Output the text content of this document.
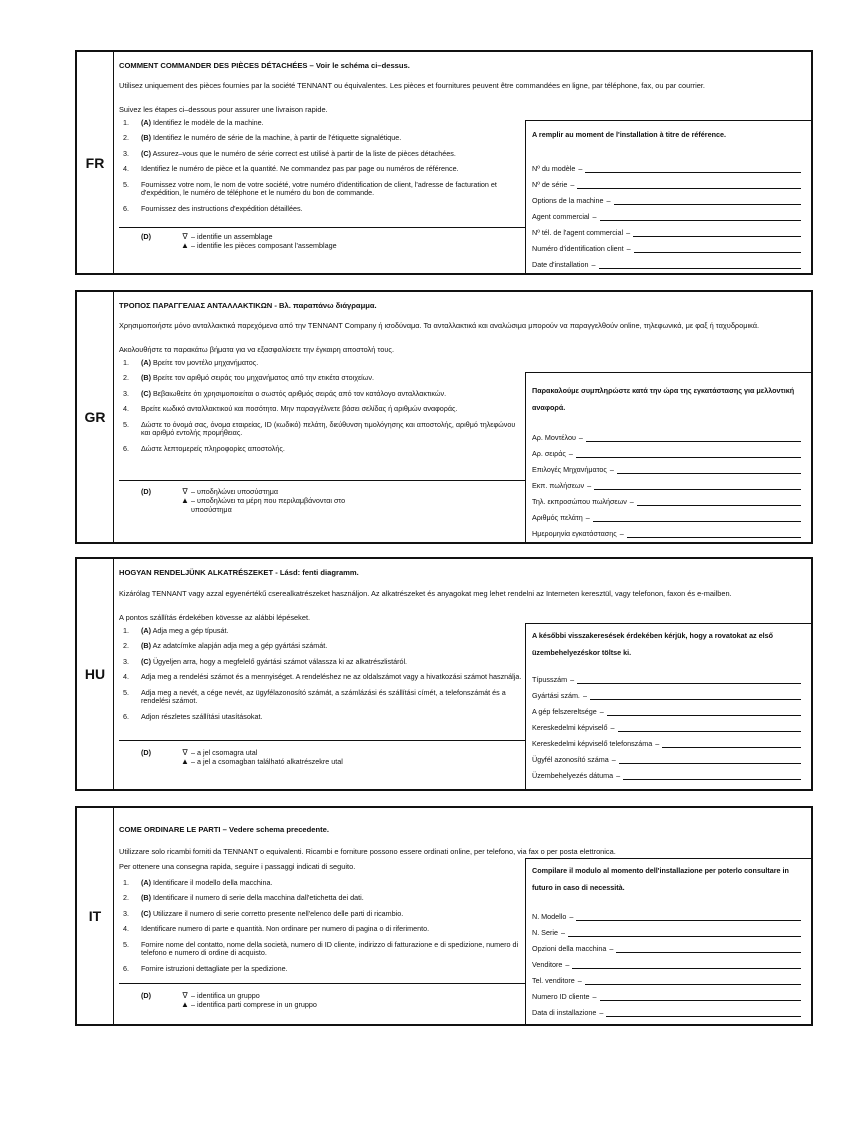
FR
COMMENT COMMANDER DES PIÈCES DÉTACHÉES – Voir le schéma ci–dessus.
Utilisez uniquement des pièces fournies par la société TENNANT ou équivalentes. Les pièces et fournitures peuvent être commandées en ligne, par téléphone, fax, ou par courrier.
Suivez les étapes ci–dessous pour assurer une livraison rapide.
1. (A) Identifiez le modèle de la machine.
2. (B) Identifiez le numéro de série de la machine, à partir de l'étiquette signalétique.
3. (C) Assurez–vous que le numéro de série correct est utilisé à partir de la liste de pièces détachées.
4. Identifiez le numéro de pièce et la quantité. Ne commandez pas par page ou numéros de référence.
5. Fournissez votre nom, le nom de votre société, votre numéro d'identification de client, l'adresse de facturation et d'expédition, le numéro de téléphone et le numéro du bon de commande.
6. Fournissez des instructions d'expédition détaillées.
(D)	∇ – identifie un assemblage
▲ – identifie les pièces composant l'assemblage
A remplir au moment de l'installation à titre de référence.
Nº du modèle –
Nº de série –
Options de la machine –
Agent commercial –
Nº tél. de l'agent commercial –
Numéro d'identification client –
Date d'installation –
GR
ΤΡΟΠΟΣ ΠΑΡΑΓΓΕΛΙΑΣ ΑΝΤΑΛΛΑΚΤΙΚΩΝ - Βλ. παραπάνω διάγραμμα.
Χρησιμοποιήστε μόνο ανταλλακτικά παρεχόμενα από την TENNANT Company ή ισοδύναμα. Τα ανταλλακτικά και αναλώσιμα μπορούν να παραγγελθούν online, τηλεφωνικά, με φαξ ή ταχυδρομικά.
Ακολουθήστε τα παρακάτω βήματα για να εξασφαλίσετε την έγκαιρη αποστολή τους.
1. (A) Βρείτε τον μοντέλο μηχανήματος.
2. (B) Βρείτε τον αριθμό σειράς του μηχανήματος από την ετικέτα στοιχείων.
3. (C) Βεβαιωθείτε ότι χρησιμοποιείται ο σωστός αριθμός σειράς από τον κατάλογο ανταλλακτικών.
4. Βρείτε κωδικό ανταλλακτικού και ποσότητα. Μην παραγγέλνετε βάσει σελίδας ή αριθμών αναφοράς.
5. Δώστε το όνομά σας, όνομα εταιρείας, ID (κωδικό) πελάτη, διεύθυνση τιμολόγησης και αποστολής, αριθμό τηλεφώνου και αριθμό εντολής προμήθειας.
6. Δώστε λεπτομερείς πληροφορίες αποστολής.
(D)	∇ – υποδηλώνει υποσύστημα
▲ – υποδηλώνει τα μέρη που περιλαμβάνονται στο υποσύστημα
Παρακαλούμε συμπληρώστε κατά την ώρα της εγκατάστασης για μελλοντική αναφορά.
Αρ. Μοντέλου –
Αρ. σειράς –
Επιλογές Μηχανήματος –
Εκπ. πωλήσεων –
Τηλ. εκπροσώπου πωλήσεων –
Αριθμός πελάτη –
Ημερομηνία εγκατάστασης –
HU
HOGYAN RENDELJÜNK ALKATRÉSZEKET - Lásd: fenti diagramm.
Kizárólag TENNANT vagy azzal egyenértékű cserealkatrészeket használjon. Az alkatrészeket és anyagokat meg lehet rendelni az Interneten keresztül, vagy telefonon, faxon és e-mailben.
A pontos szállítás érdekében kövesse az alábbi lépéseket.
1. (A) Adja meg a gép típusát.
2. (B) Az adatcímke alapján adja meg a gép gyártási számát.
3. (C) Ügyeljen arra, hogy a megfelelő gyártási számot válassza ki az alkatrészlistáról.
4. Adja meg a rendelési számot és a mennyiséget. A rendeléshez ne az oldalszámot vagy a hivatkozási számot használja.
5. Adja meg a nevét, a cége nevét, az ügyfélazonosító számát, a számlázási és szállítási címét, a telefonszámát és a rendelési számot.
6. Adjon részletes szállítási utasításokat.
(D)	∇ – a jel csomagra utal
▲ – a jel a csomagban található alkatrészekre utal
A későbbi visszakeresések érdekében kérjük, hogy a rovatokat az első üzembehelyezéskor töltse ki.
Típusszám –
Gyártási szám. –
A gép felszereltsége –
Kereskedelmi képviselő –
Kereskedelmi képviselő telefonszáma –
Ügyfél azonosító száma –
Üzembehelyezés dátuma –
IT
COME ORDINARE LE PARTI – Vedere schema precedente.
Utilizzare solo ricambi forniti da TENNANT o equivalenti. Ricambi e forniture possono essere ordinati online, per telefono, via fax o per posta elettronica.
Per ottenere una consegna rapida, seguire i passaggi indicati di seguito.
1. (A) Identificare il modello della macchina.
2. (B) Identificare il numero di serie della macchina dall'etichetta dei dati.
3. (C) Utilizzare il numero di serie corretto presente nell'elenco delle parti di ricambio.
4. Identificare numero di parte e quantità. Non ordinare per numero di pagina o di riferimento.
5. Fornire nome del contatto, nome della società, numero di ID cliente, indirizzo di fatturazione e di spedizione, numero di telefono e numero di ordine di acquisto.
6. Fornire istruzioni dettagliate per la spedizione.
(D)	∇ – identifica un gruppo
▲ – identifica parti comprese in un gruppo
Compilare il modulo al momento dell'installazione per poterlo consultare in futuro in caso di necessità.
N. Modello –
N. Serie –
Opzioni della macchina –
Venditore –
Tel. venditore –
Numero ID cliente –
Data di installazione –
